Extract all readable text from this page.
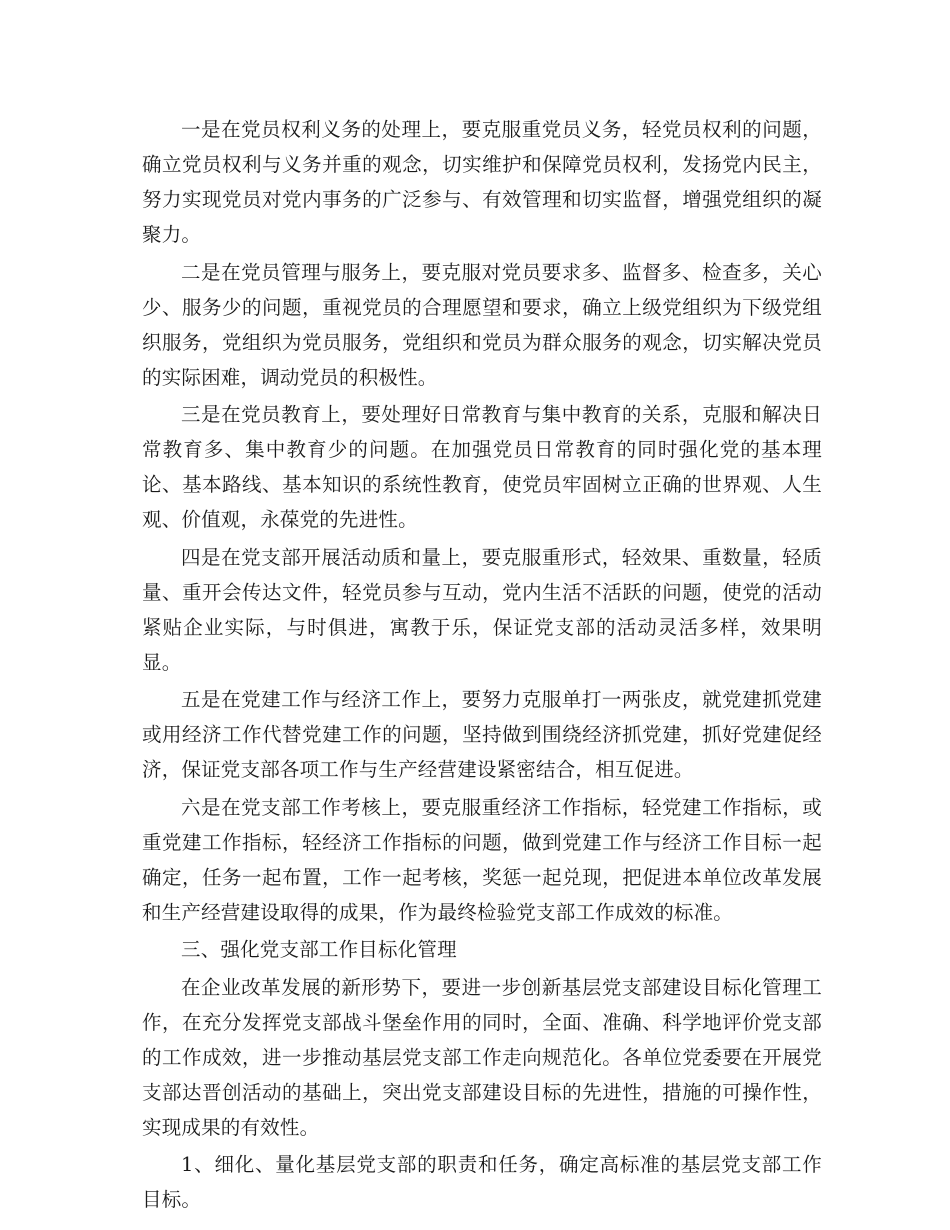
一是在党员权利义务的处理上，要克服重党员义务，轻党员权利的问题，确立党员权利与义务并重的观念，切实维护和保障党员权利，发扬党内民主，努力实现党员对党内事务的广泛参与、有效管理和切实监督，增强党组织的凝聚力。

二是在党员管理与服务上，要克服对党员要求多、监督多、检查多，关心少、服务少的问题，重视党员的合理愿望和要求，确立上级党组织为下级党组织服务，党组织为党员服务，党组织和党员为群众服务的观念，切实解决党员的实际困难，调动党员的积极性。

三是在党员教育上，要处理好日常教育与集中教育的关系，克服和解决日常教育多、集中教育少的问题。在加强党员日常教育的同时强化党的基本理论、基本路线、基本知识的系统性教育，使党员牢固树立正确的世界观、人生观、价值观，永葆党的先进性。

四是在党支部开展活动质和量上，要克服重形式，轻效果、重数量，轻质量、重开会传达文件，轻党员参与互动，党内生活不活跃的问题，使党的活动紧贴企业实际，与时俱进，寓教于乐，保证党支部的活动灵活多样，效果明显。

五是在党建工作与经济工作上，要努力克服单打一两张皮，就党建抓党建或用经济工作代替党建工作的问题，坚持做到围绕经济抓党建，抓好党建促经济，保证党支部各项工作与生产经营建设紧密结合，相互促进。

六是在党支部工作考核上，要克服重经济工作指标，轻党建工作指标，或重党建工作指标，轻经济工作指标的问题，做到党建工作与经济工作目标一起确定，任务一起布置，工作一起考核，奖惩一起兑现，把促进本单位改革发展和生产经营建设取得的成果，作为最终检验党支部工作成效的标准。

三、强化党支部工作目标化管理

在企业改革发展的新形势下，要进一步创新基层党支部建设目标化管理工作，在充分发挥党支部战斗堡垒作用的同时，全面、准确、科学地评价党支部的工作成效，进一步推动基层党支部工作走向规范化。各单位党委要在开展党支部达晋创活动的基础上，突出党支部建设目标的先进性，措施的可操作性，实现成果的有效性。

1、细化、量化基层党支部的职责和任务，确定高标准的基层党支部工作目标。
